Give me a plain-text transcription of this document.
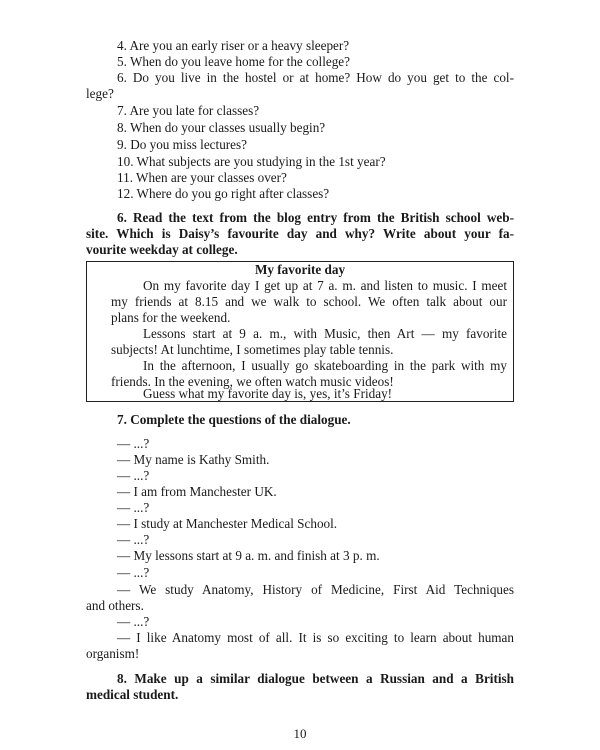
4. Are you an early riser or a heavy sleeper?
5. When do you leave home for the college?
6. Do you live in the hostel or at home? How do you get to the col-
lege?
7. Are you late for classes?
8. When do your classes usually begin?
9. Do you miss lectures?
10. What subjects are you studying in the 1st year?
11. When are your classes over?
12. Where do you go right after classes?
6. Read the text from the blog entry from the British school web-
site. Which is Daisy’s favourite day and why? Write about your fa-
vourite weekday at college.
My favorite day
On my favorite day I get up at 7 a. m. and listen to music. I meet
my friends at 8.15 and we walk to school. We often talk about our
plans for the weekend.
Lessons start at 9 a. m., with Music, then Art — my favorite
subjects! At lunchtime, I sometimes play table tennis.
In the afternoon, I usually go skateboarding in the park with my
friends. In the evening, we often watch music videos!
Guess what my favorite day is, yes, it’s Friday!
7. Complete the questions of the dialogue.
— ...?
— My name is Kathy Smith.
— ...?
— I am from Manchester UK.
— ...?
— I study at Manchester Medical School.
— ...?
— My lessons start at 9 a. m. and finish at 3 p. m.
— ...?
— We study Anatomy, History of Medicine, First Aid Techniques
and others.
— ...?
— I like Anatomy most of all. It is so exciting to learn about human
organism!
8. Make up a similar dialogue between a Russian and a British
medical student.
10
